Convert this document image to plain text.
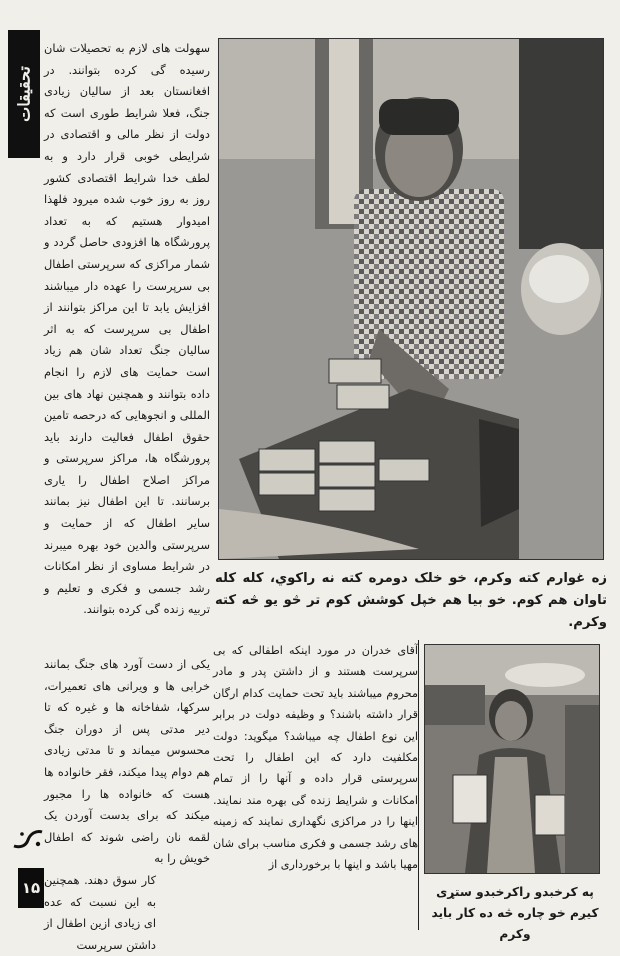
تحقیقات

سهولت های لازم به تحصیلات شان رسیده گی کرده بتوانند. در افغانستان بعد از سالیان زیادی جنگ، فعلا شرایط طوری است که دولت از نظر مالی و اقتصادی در شرایطی خوبی قرار دارد و به لطف خدا شرایط اقتصادی کشور روز به روز خوب شده میرود فلهذا امیدوار هستیم که به تعداد پرورشگاه ها افزودی حاصل گردد و شمار مراکزی که سرپرستی اطفال بی سرپرست را عهده دار میباشند افزایش یابد تا این مراکز بتوانند از اطفال بی سرپرست که به اثر سالیان جنگ تعداد شان هم زیاد است حمایت های لازم را انجام داده بتوانند و همچنین نهاد های بین المللی و انجوهایی که درحصه تامین حقوق اطفال فعالیت دارند باید پرورشگاه ها، مراکز سرپرستی و مراکز اصلاح اطفال را یاری برسانند. تا این اطفال نیز بمانند سایر اطفال که از حمایت و سرپرستی والدین خود بهره میبرند در شرایط مساوی از نظر امکانات رشد جسمی و فکری و تعلیم و تربیه زنده گی کرده بتوانند.

یکی از دست آورد های جنگ بمانند خرابی ها و ویرانی های تعمیرات، سرکها، شفاخانه ها و غیره که تا دیر مدتی پس از دوران جنگ محسوس میماند و تا مدتی زیادی هم دوام پیدا میکند، فقر خانواده ها هست که خانواده ها را مجبور میکند که برای بدست آوردن یک لقمه نان راضی شوند که اطفال خویش را به

کار سوق دهند. همچنین به این نسبت که عده ای زیادی ازین اطفال از داشتن سرپرست

۱۵
زه غوارم کته وکرم، خو خلک دومره کته نه راکوي، کله کله تاوان هم کوم. خو بیا هم خپل کوشش کوم تر څو یو څه کته وکرم.

آقای خدران در مورد اینکه اطفالی که بی سرپرست هستند و از داشتن پدر و مادر محروم میباشند باید تحت حمایت کدام ارگان قرار داشته باشند؟ و وظیفه دولت در برابر این نوع اطفال چه میباشد؟ میگوید: دولت مکلفیت دارد که این اطفال را تحت سرپرستی قرار داده و آنها را از تمام امکانات و شرایط زنده گی بهره مند نمایند. اینها را در مراکزی نگهداری نمایند که زمینه های رشد جسمی و فکری مناسب برای شان مهیا باشد و اینها با برخورداری از

په کرخبدو راکرخبدو ستړی کیږم خو چاره څه ده کار باید وکرم
